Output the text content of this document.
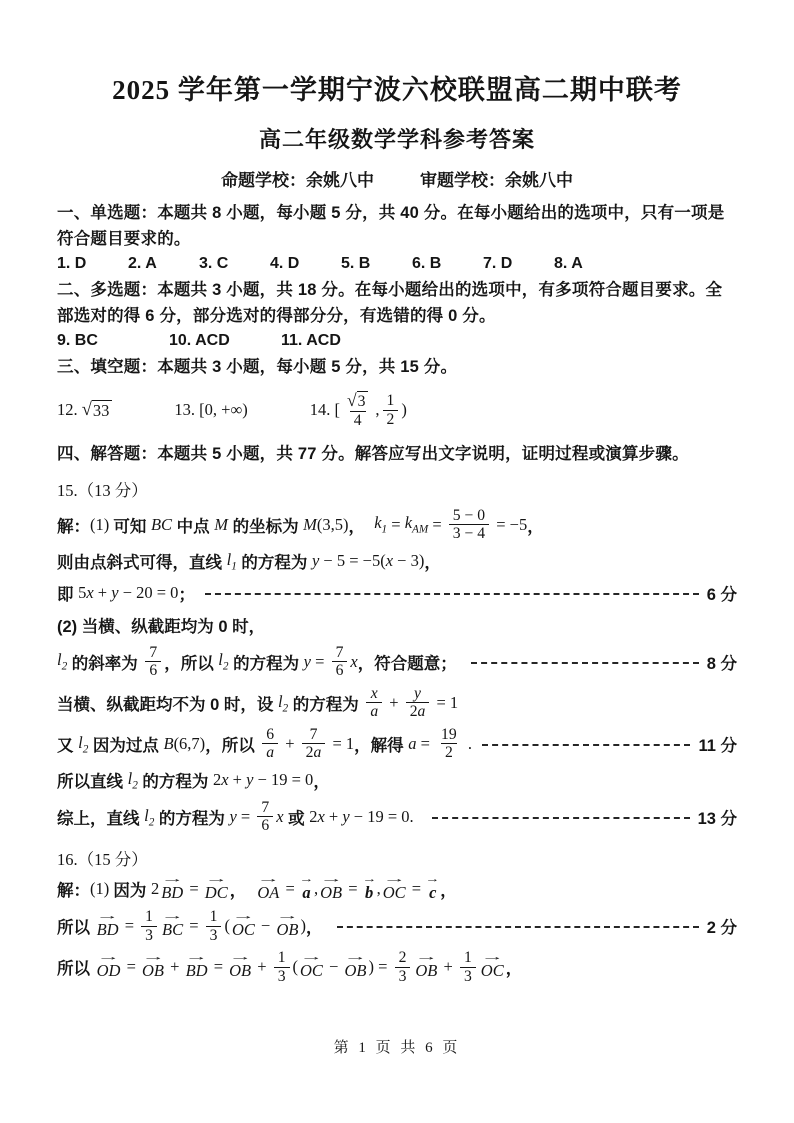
2025 学年第一学期宁波六校联盟高二期中联考
高二年级数学学科参考答案
命题学校：余姚八中	审题学校：余姚八中
一、单选题：本题共 8 小题，每小题 5 分，共 40 分。在每小题给出的选项中，只有一项是符合题目要求的。
1. D	2. A	3. C	4. D	5. B	6. B	7. D	8. A
二、多选题：本题共 3 小题，共 18 分。在每小题给出的选项中，有多项符合题目要求。全部选对的得 6 分，部分选对的得部分分，有选错的得 0 分。
9. BC	10. ACD	11. ACD
三、填空题：本题共 3 小题，每小题 5 分，共 15 分。
12. √ 33	13. [0, +∞)	14. [ $\frac{√ 3}{4}$ , $\frac{1}{2}$ )
四、解答题：本题共 5 小题，共 77 分。解答应写出文字说明，证明过程或演算步骤。
15.（13 分）
解： (1) 可知 BC 中点 M 的坐标为 M (3,5) ， $k_1 = k_{AM} = \frac{5 - 0}{3 - 4} = -5$ ，
则由点斜式可得，直线 $l_1$ 的方程为 y − 5 = −5( x − 3) ，
即 5 x + y − 20 = 0 ；	6 分
(2) 当横、纵截距均为 0 时，
$l_2$ 的斜率为 $\frac{7}{6}$ ，所以 $l_2$ 的方程为 $y = \frac{7}{6}$ x ，符合题意；	8 分
当横、纵截距均不为 0 时，设 $l_2$ 的方程为 $\frac{x}{a} + \frac{y}{2a} = 1$
又 $l_2$ 因为过点 B (6,7) ，所以 $\frac{6}{a} + \frac{7}{2a} = 1$ ，解得 $a = \frac{19}{2}$ .	11 分
所以直线 $l_2$ 的方程为 2 x + y − 19 = 0 ，
综上，直线 $l_2$ 的方程为 $y = \frac{7}{6}$ x 或 2 x + y − 19 = 0.	13 分
16.（15 分）
解： (1) 因为 2
→
BD =
→
DC ，
→
OA =
→
a ,
→
OB =
→
b ,
→
OC =
→
c ，
所以
→
BD = $\frac{1}{3}$ →
BC = $\frac{1}{3}$ (
→
OC −
→
OB ) ，	2 分
所以
→
OD =
→
OB +
→
BD =
→
OB + $\frac{1}{3}$ (
→
OC −
→
OB ) = $\frac{2}{3}$ →
OB + $\frac{1}{3}$ →
OC ，
第 1 页 共 6 页
